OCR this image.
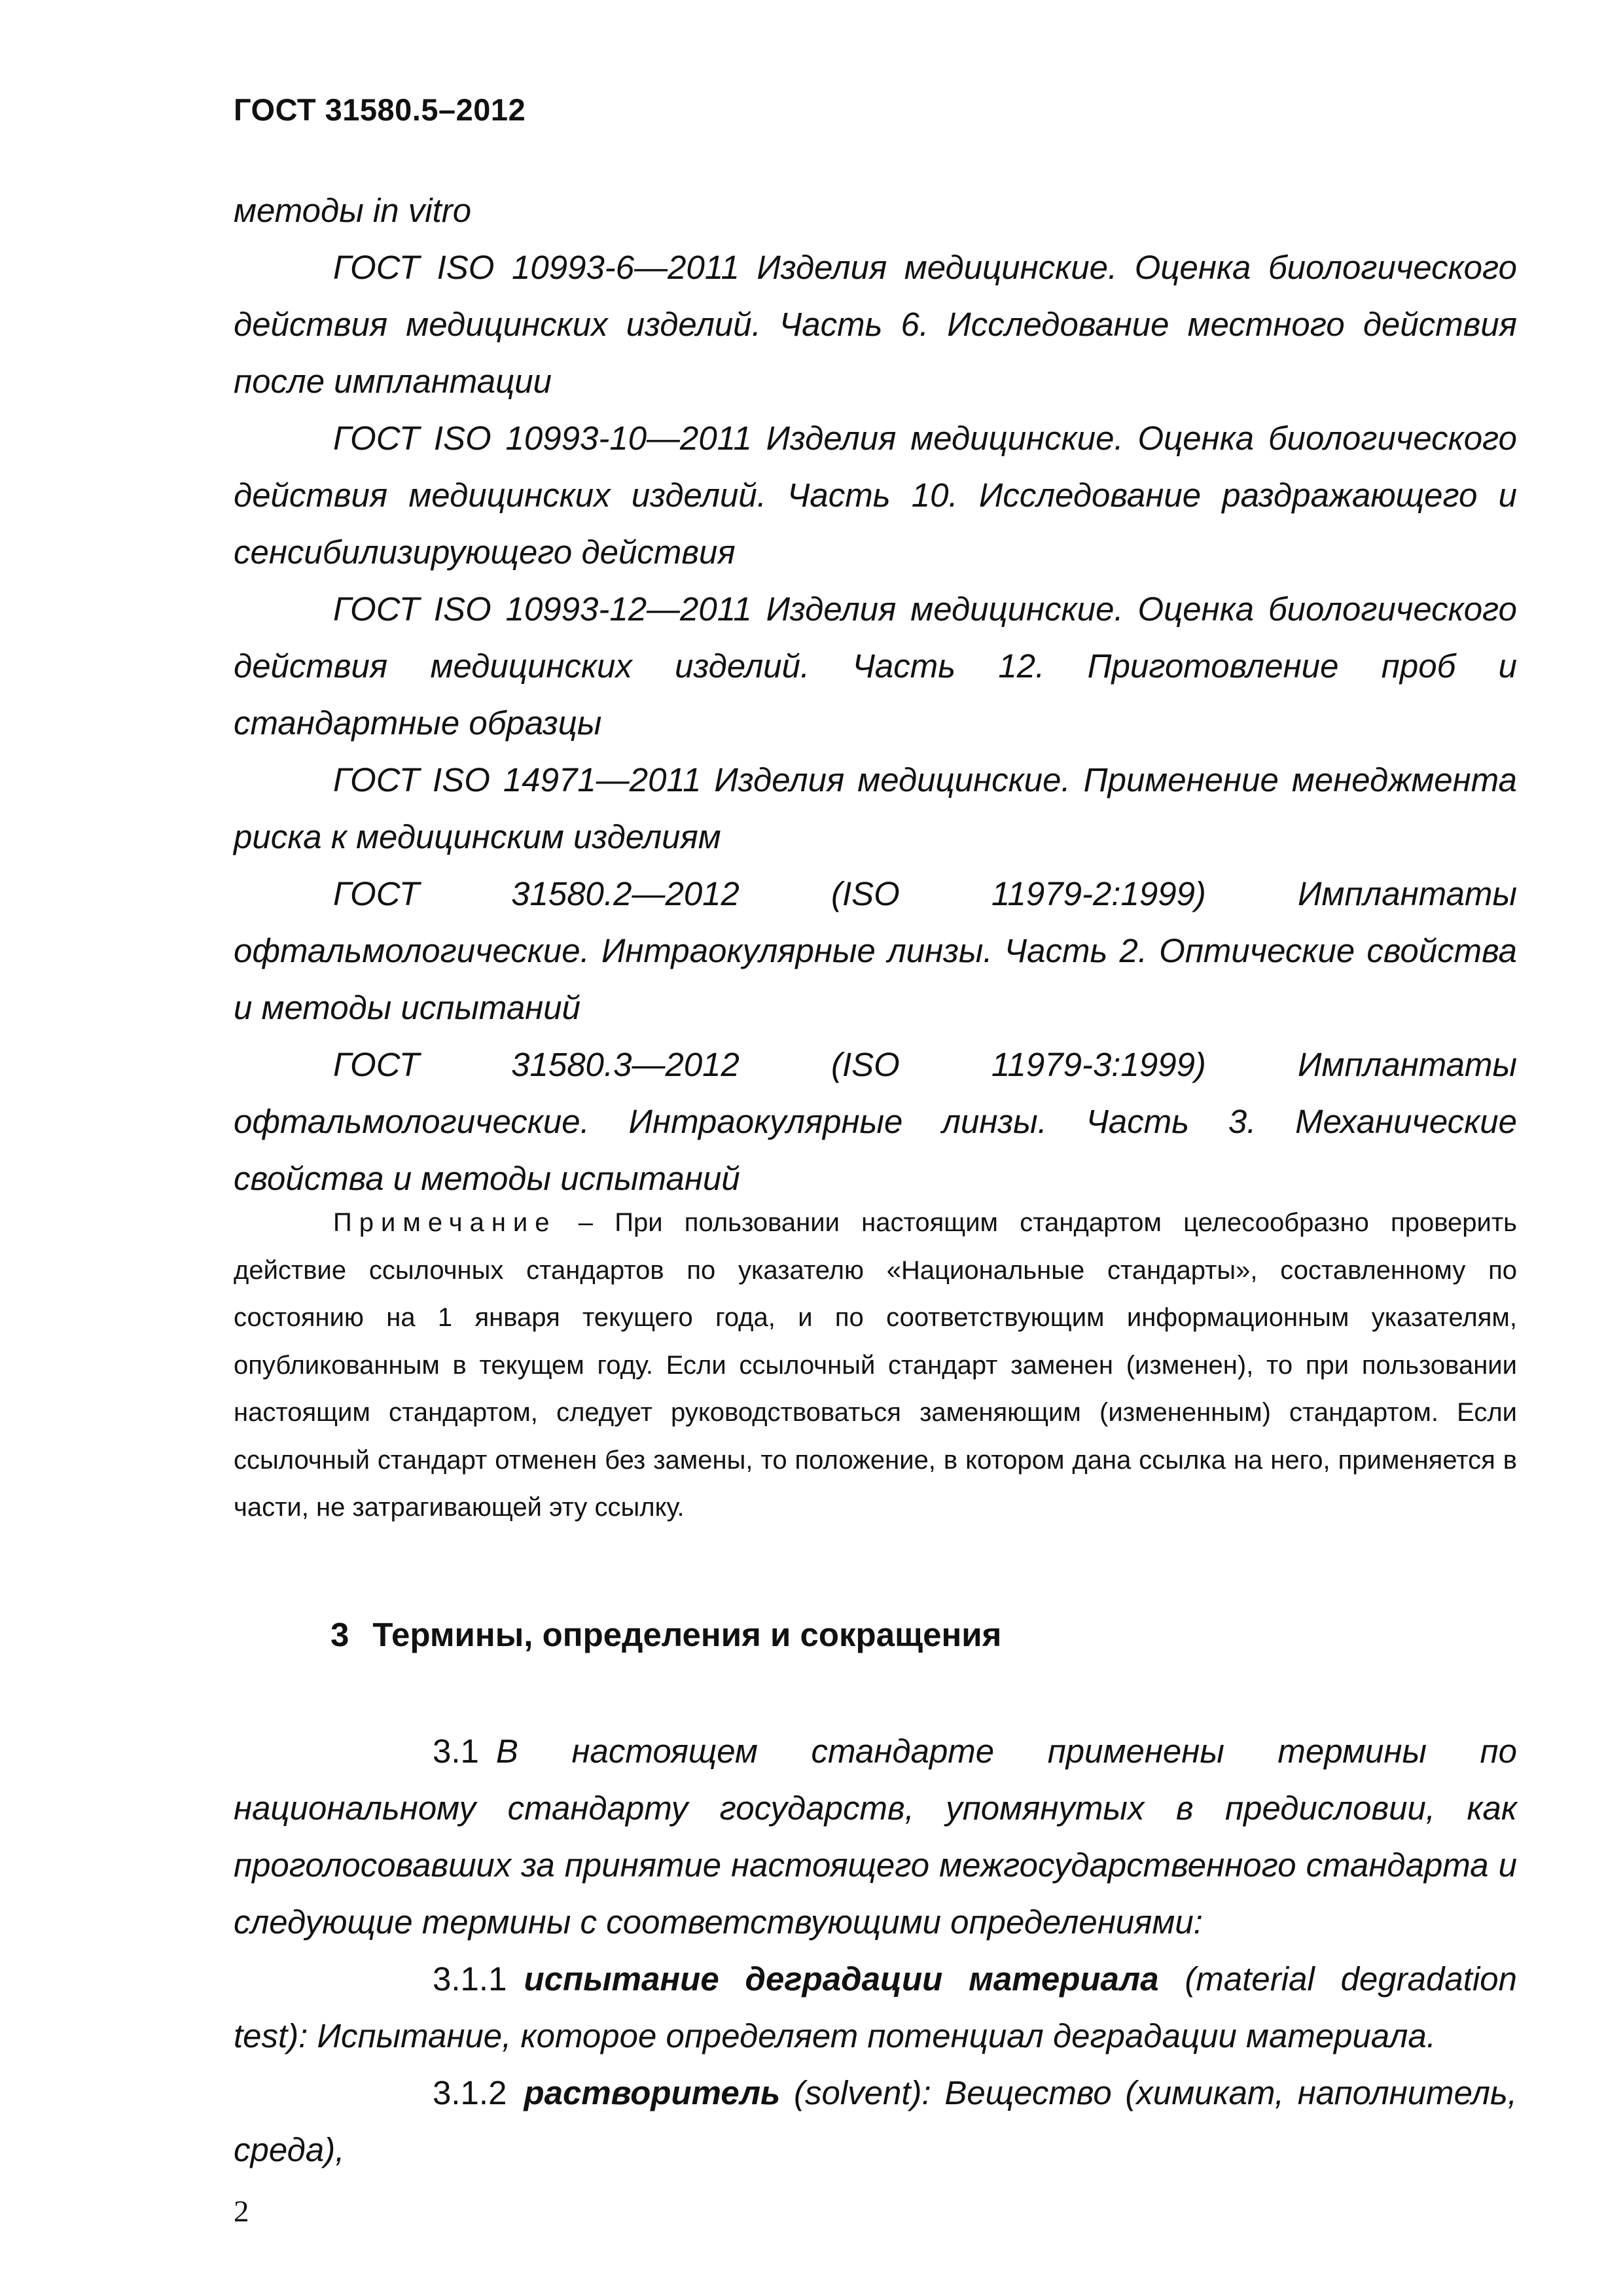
ГОСТ 31580.5–2012

методы in vitro

ГОСТ ISO 10993-6—2011 Изделия медицинские. Оценка биологического действия медицинских изделий. Часть 6. Исследование местного действия после имплантации

ГОСТ ISO 10993-10—2011 Изделия медицинские. Оценка биологического действия медицинских изделий. Часть 10. Исследование раздражающего и сенсибилизирующего действия

ГОСТ ISO 10993-12—2011 Изделия медицинские. Оценка биологического действия медицинских изделий. Часть 12. Приготовление проб и стандартные образцы

ГОСТ ISO 14971—2011 Изделия медицинские. Применение менеджмента риска к медицинским изделиям

ГОСТ 31580.2—2012 (ISO 11979-2:1999) Имплантаты

офтальмологические. Интраокулярные линзы. Часть 2. Оптические свойства и методы испытаний

ГОСТ 31580.3—2012 (ISO 11979-3:1999) Имплантаты

офтальмологические. Интраокулярные линзы. Часть 3. Механические свойства и методы испытаний

Примечание – При пользовании настоящим стандартом целесообразно проверить действие ссылочных стандартов по указателю «Национальные стандарты», составленному по состоянию на 1 января текущего года, и по соответствующим информационным указателям, опубликованным в текущем году. Если ссылочный стандарт заменен (изменен), то при пользовании настоящим стандартом, следует руководствоваться заменяющим (измененным) стандартом. Если ссылочный стандарт отменен без замены, то положение, в котором дана ссылка на него, применяется в части, не затрагивающей эту ссылку.

3 Термины, определения и сокращения

3.1 В настоящем стандарте применены термины по национальному стандарту государств, упомянутых в предисловии, как проголосовавших за принятие настоящего межгосударственного стандарта и следующие термины с соответствующими определениями:

3.1.1 испытание деградации материала (material degradation test): Испытание, которое определяет потенциал деградации материала.

3.1.2 растворитель (solvent): Вещество (химикат, наполнитель, среда),

2
